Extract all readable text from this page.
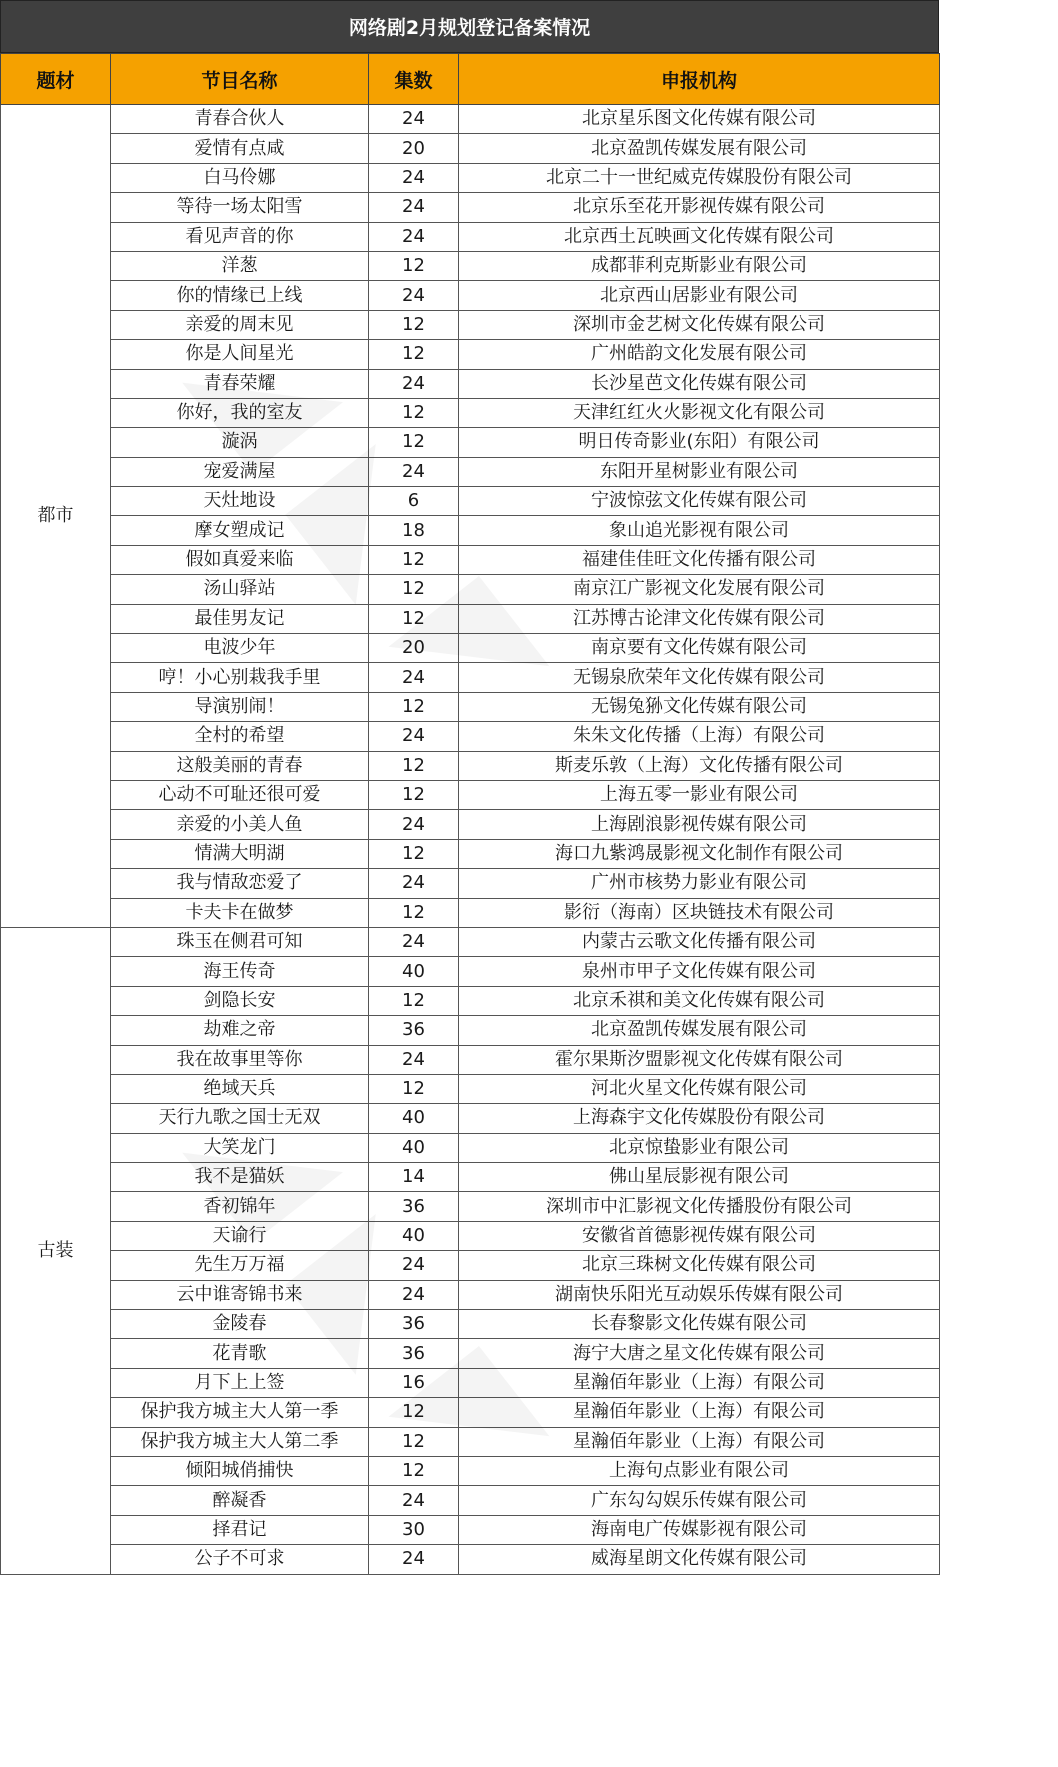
网络剧2月规划登记备案情况
题材	节目名称	集数	申报机构
都市	青春合伙人	24	北京星乐图文化传媒有限公司
	爱情有点咸	20	北京盈凯传媒发展有限公司
	白马伶娜	24	北京二十一世纪威克传媒股份有限公司
	等待一场太阳雪	24	北京乐至花开影视传媒有限公司
	看见声音的你	24	北京西土瓦映画文化传媒有限公司
	洋葱	12	成都菲利克斯影业有限公司
	你的情缘已上线	24	北京西山居影业有限公司
	亲爱的周末见	12	深圳市金艺树文化传媒有限公司
	你是人间星光	12	广州皓韵文化发展有限公司
	青春荣耀	24	长沙星芭文化传媒有限公司
	你好，我的室友	12	天津红红火火影视文化有限公司
	漩涡	12	明日传奇影业(东阳）有限公司
	宠爱满屋	24	东阳开星树影业有限公司
	天灶地设	6	宁波惊弦文化传媒有限公司
	摩女塑成记	18	象山追光影视有限公司
	假如真爱来临	12	福建佳佳旺文化传播有限公司
	汤山驿站	12	南京江广影视文化发展有限公司
	最佳男友记	12	江苏博古论津文化传媒有限公司
	电波少年	20	南京要有文化传媒有限公司
	哼！小心别栽我手里	24	无锡泉欣荣年文化传媒有限公司
	导演别闹！	12	无锡兔狲文化传媒有限公司
	全村的希望	24	朱朱文化传播（上海）有限公司
	这般美丽的青春	12	斯麦乐敦（上海）文化传播有限公司
	心动不可耻还很可爱	12	上海五零一影业有限公司
	亲爱的小美人鱼	24	上海剧浪影视传媒有限公司
	情满大明湖	12	海口九紫鸿晟影视文化制作有限公司
	我与情敌恋爱了	24	广州市核势力影业有限公司
	卡夫卡在做梦	12	影衍（海南）区块链技术有限公司
古装	珠玉在侧君可知	24	内蒙古云歌文化传播有限公司
	海王传奇	40	泉州市甲子文化传媒有限公司
	剑隐长安	12	北京禾祺和美文化传媒有限公司
	劫难之帝	36	北京盈凯传媒发展有限公司
	我在故事里等你	24	霍尔果斯汐盟影视文化传媒有限公司
	绝域天兵	12	河北火星文化传媒有限公司
	天行九歌之国士无双	40	上海森宇文化传媒股份有限公司
	大笑龙门	40	北京惊蛰影业有限公司
	我不是猫妖	14	佛山星辰影视有限公司
	香初锦年	36	深圳市中汇影视文化传播股份有限公司
	天谕行	40	安徽省首德影视传媒有限公司
	先生万万福	24	北京三珠树文化传媒有限公司
	云中谁寄锦书来	24	湖南快乐阳光互动娱乐传媒有限公司
	金陵春	36	长春黎影文化传媒有限公司
	花青歌	36	海宁大唐之星文化传媒有限公司
	月下上上签	16	星瀚佰年影业（上海）有限公司
	保护我方城主大人第一季	12	星瀚佰年影业（上海）有限公司
	保护我方城主大人第二季	12	星瀚佰年影业（上海）有限公司
	倾阳城俏捕快	12	上海句点影业有限公司
	醉凝香	24	广东勾勾娱乐传媒有限公司
	择君记	30	海南电广传媒影视有限公司
	公子不可求	24	威海星朗文化传媒有限公司
